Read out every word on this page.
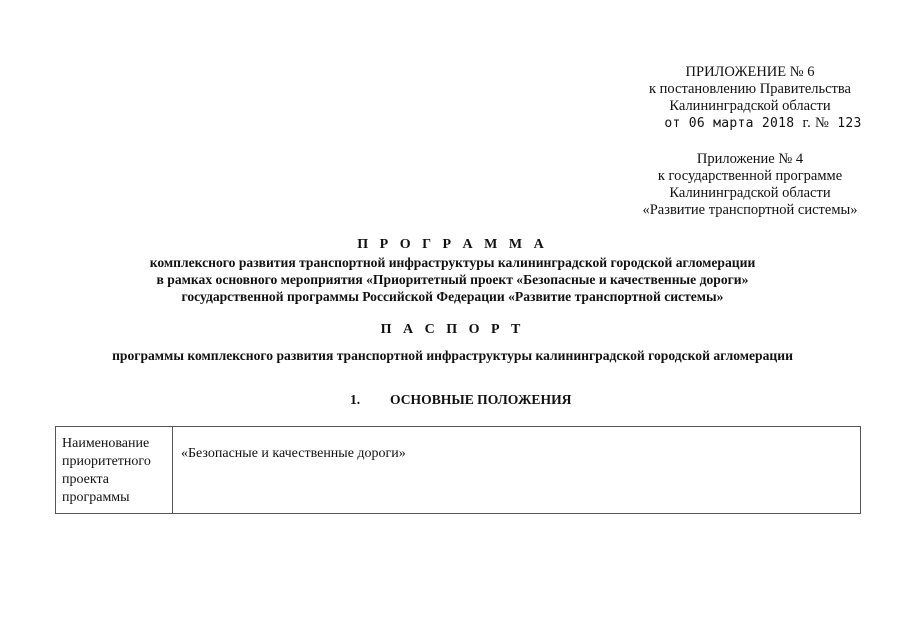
ПРИЛОЖЕНИЕ № 6
к постановлению Правительства
Калининградской области
от 06 марта 2018 г. № 123
Приложение № 4
к государственной программе
Калининградской области
«Развитие транспортной системы»
П Р О Г Р А М М А
комплексного развития транспортной инфраструктуры калининградской городской агломерации
в рамках основного мероприятия «Приоритетный проект «Безопасные и качественные дороги»
государственной программы Российской Федерации «Развитие транспортной системы»
П А С П О Р Т
программы комплексного развития транспортной инфраструктуры калининградской городской агломерации
1. ОСНОВНЫЕ ПОЛОЖЕНИЯ
Наименование приоритетного проекта программы
«Безопасные и качественные дороги»
